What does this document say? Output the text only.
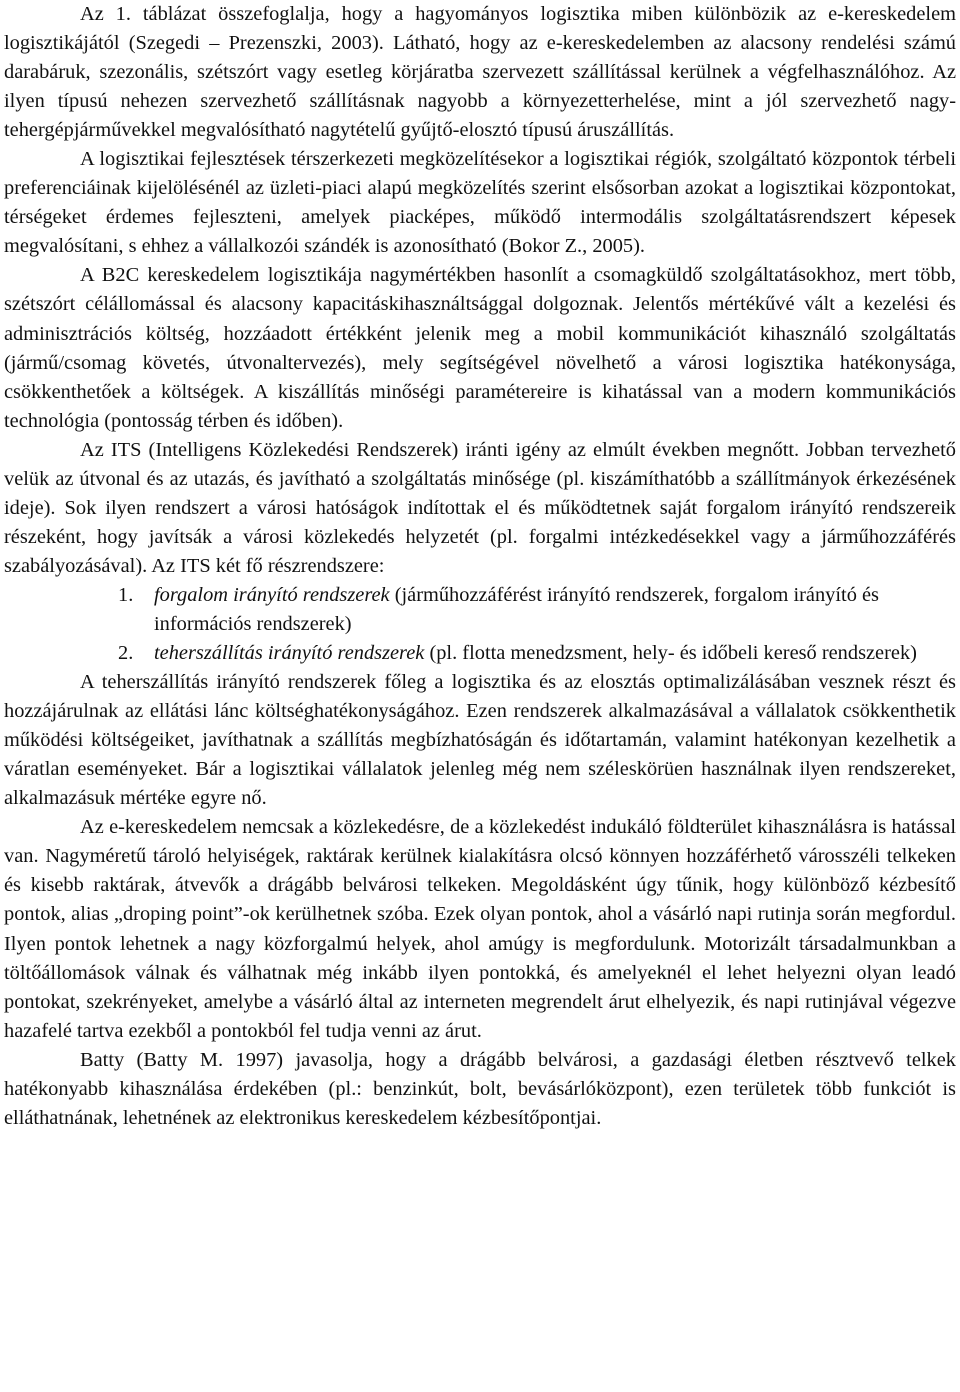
Az 1. táblázat összefoglalja, hogy a hagyományos logisztika miben különbözik az e-kereskedelem logisztikájától (Szegedi – Prezenszki, 2003). Látható, hogy az e-kereskedelemben az alacsony rendelési számú darabáruk, szezonális, szétszórt vagy esetleg körjáratba szervezett szállítással kerülnek a végfelhasználóhoz. Az ilyen típusú nehezen szervezhető szállításnak nagyobb a környezetterhelése, mint a jól szervezhető nagy-tehergépjárművekkel megvalósítható nagytételű gyűjtő-elosztó típusú áruszállítás.

A logisztikai fejlesztések térszerkezeti megközelítésekor a logisztikai régiók, szolgáltató központok térbeli preferenciáinak kijelölésénél az üzleti-piaci alapú megközelítés szerint elsősorban azokat a logisztikai központokat, térségeket érdemes fejleszteni, amelyek piacképes, működő intermodális szolgáltatásrendszert képesek megvalósítani, s ehhez a vállalkozói szándék is azonosítható (Bokor Z., 2005).

A B2C kereskedelem logisztikája nagymértékben hasonlít a csomagküldő szolgáltatásokhoz, mert több, szétszórt célállomással és alacsony kapacitáskihasználtsággal dolgoznak. Jelentős mértékűvé vált a kezelési és adminisztrációs költség, hozzáadott értékként jelenik meg a mobil kommunikációt kihasználó szolgáltatás (jármű/csomag követés, útvonaltervezés), mely segítségével növelhető a városi logisztika hatékonysága, csökkenthetőek a költségek. A kiszállítás minőségi paramétereire is kihatással van a modern kommunikációs technológia (pontosság térben és időben).

Az ITS (Intelligens Közlekedési Rendszerek) iránti igény az elmúlt években megnőtt. Jobban tervezhető velük az útvonal és az utazás, és javítható a szolgáltatás minősége (pl. kiszámíthatóbb a szállítmányok érkezésének ideje). Sok ilyen rendszert a városi hatóságok indítottak el és működtetnek saját forgalom irányító rendszereik részeként, hogy javítsák a városi közlekedés helyzetét (pl. forgalmi intézkedésekkel vagy a járműhozzáférés szabályozásával). Az ITS két fő részrendszere:

1. forgalom irányító rendszerek (járműhozzáférést irányító rendszerek, forgalom irányító és információs rendszerek)
2. teherszállítás irányító rendszerek (pl. flotta menedzsment, hely- és időbeli kereső rendszerek)

A teherszállítás irányító rendszerek főleg a logisztika és az elosztás optimalizálásában vesznek részt és hozzájárulnak az ellátási lánc költséghatékonyságához. Ezen rendszerek alkalmazásával a vállalatok csökkenthetik működési költségeiket, javíthatnak a szállítás megbízhatóságán és időtartamán, valamint hatékonyan kezelhetik a váratlan eseményeket. Bár a logisztikai vállalatok jelenleg még nem széleskörüen használnak ilyen rendszereket, alkalmazásuk mértéke egyre nő.

Az e-kereskedelem nemcsak a közlekedésre, de a közlekedést indukáló földterület kihasználásra is hatással van. Nagyméretű tároló helyiségek, raktárak kerülnek kialakításra olcsó könnyen hozzáférhető városszéli telkeken és kisebb raktárak, átvevők a drágább belvárosi telkeken. Megoldásként úgy tűnik, hogy különböző kézbesítő pontok, alias „droping point”-ok kerülhetnek szóba. Ezek olyan pontok, ahol a vásárló napi rutinja során megfordul. Ilyen pontok lehetnek a nagy közforgalmú helyek, ahol amúgy is megfordulunk. Motorizált társadalmunkban a töltőállomások válnak és válhatnak még inkább ilyen pontokká, és amelyeknél el lehet helyezni olyan leadó pontokat, szekrényeket, amelybe a vásárló által az interneten megrendelt árut elhelyezik, és napi rutinjával végezve hazafelé tartva ezekből a pontokból fel tudja venni az árut.

Batty (Batty M. 1997) javasolja, hogy a drágább belvárosi, a gazdasági életben résztvevő telkek hatékonyabb kihasználása érdekében (pl.: benzinkút, bolt, bevásárlóközpont), ezen területek több funkciót is elláthatnának, lehetnének az elektronikus kereskedelem kézbesítőpontjai.
